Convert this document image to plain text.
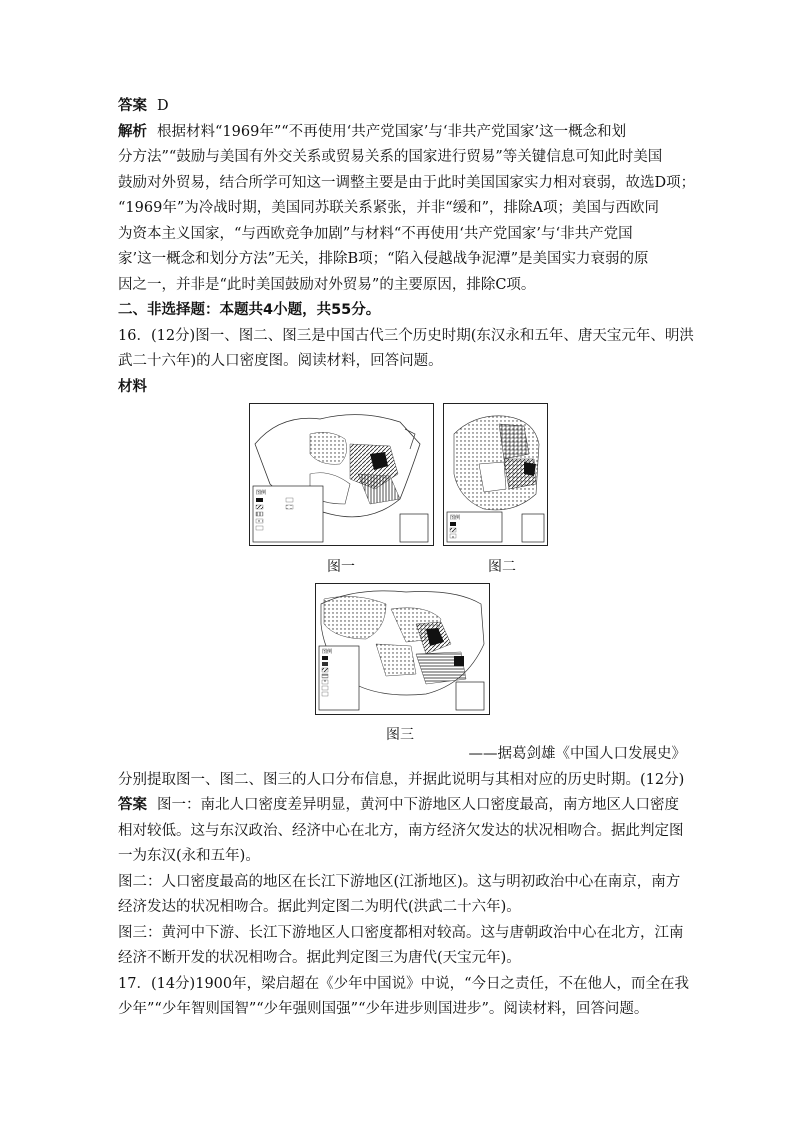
答案 D
解析 根据材料“1969年”“不再使用‘共产党国家’与‘非共产党国家’这一概念和划
分方法”“鼓励与美国有外交关系或贸易关系的国家进行贸易”等关键信息可知此时美国
鼓励对外贸易，结合所学可知这一调整主要是由于此时美国国家实力相对衰弱，故选D项；
“1969年”为冷战时期，美国同苏联关系紧张，并非“缓和”，排除A项；美国与西欧同
为资本主义国家，“与西欧竞争加剧”与材料“不再使用‘共产党国家’与‘非共产党国
家’这一概念和划分方法”无关，排除B项；“陷入侵越战争泥潭”是美国实力衰弱的原
因之一，并非是“此时美国鼓励对外贸易”的主要原因，排除C项。
二、非选择题：本题共4小题，共55分。
16．(12分)图一、图二、图三是中国古代三个历史时期(东汉永和五年、唐天宝元年、明洪
武二十六年)的人口密度图。阅读材料，回答问题。
材料
图例
图例
图一	图二
图例
图三
——据葛剑雄《中国人口发展史》
分别提取图一、图二、图三的人口分布信息，并据此说明与其相对应的历史时期。(12分)
答案 图一：南北人口密度差异明显，黄河中下游地区人口密度最高，南方地区人口密度
相对较低。这与东汉政治、经济中心在北方，南方经济欠发达的状况相吻合。据此判定图
一为东汉(永和五年)。
图二：人口密度最高的地区在长江下游地区(江浙地区)。这与明初政治中心在南京，南方
经济发达的状况相吻合。据此判定图二为明代(洪武二十六年)。
图三：黄河中下游、长江下游地区人口密度都相对较高。这与唐朝政治中心在北方，江南
经济不断开发的状况相吻合。据此判定图三为唐代(天宝元年)。
17．(14分)1900年，梁启超在《少年中国说》中说，“今日之责任，不在他人，而全在我
少年”“少年智则国智”“少年强则国强”“少年进步则国进步”。阅读材料，回答问题。
